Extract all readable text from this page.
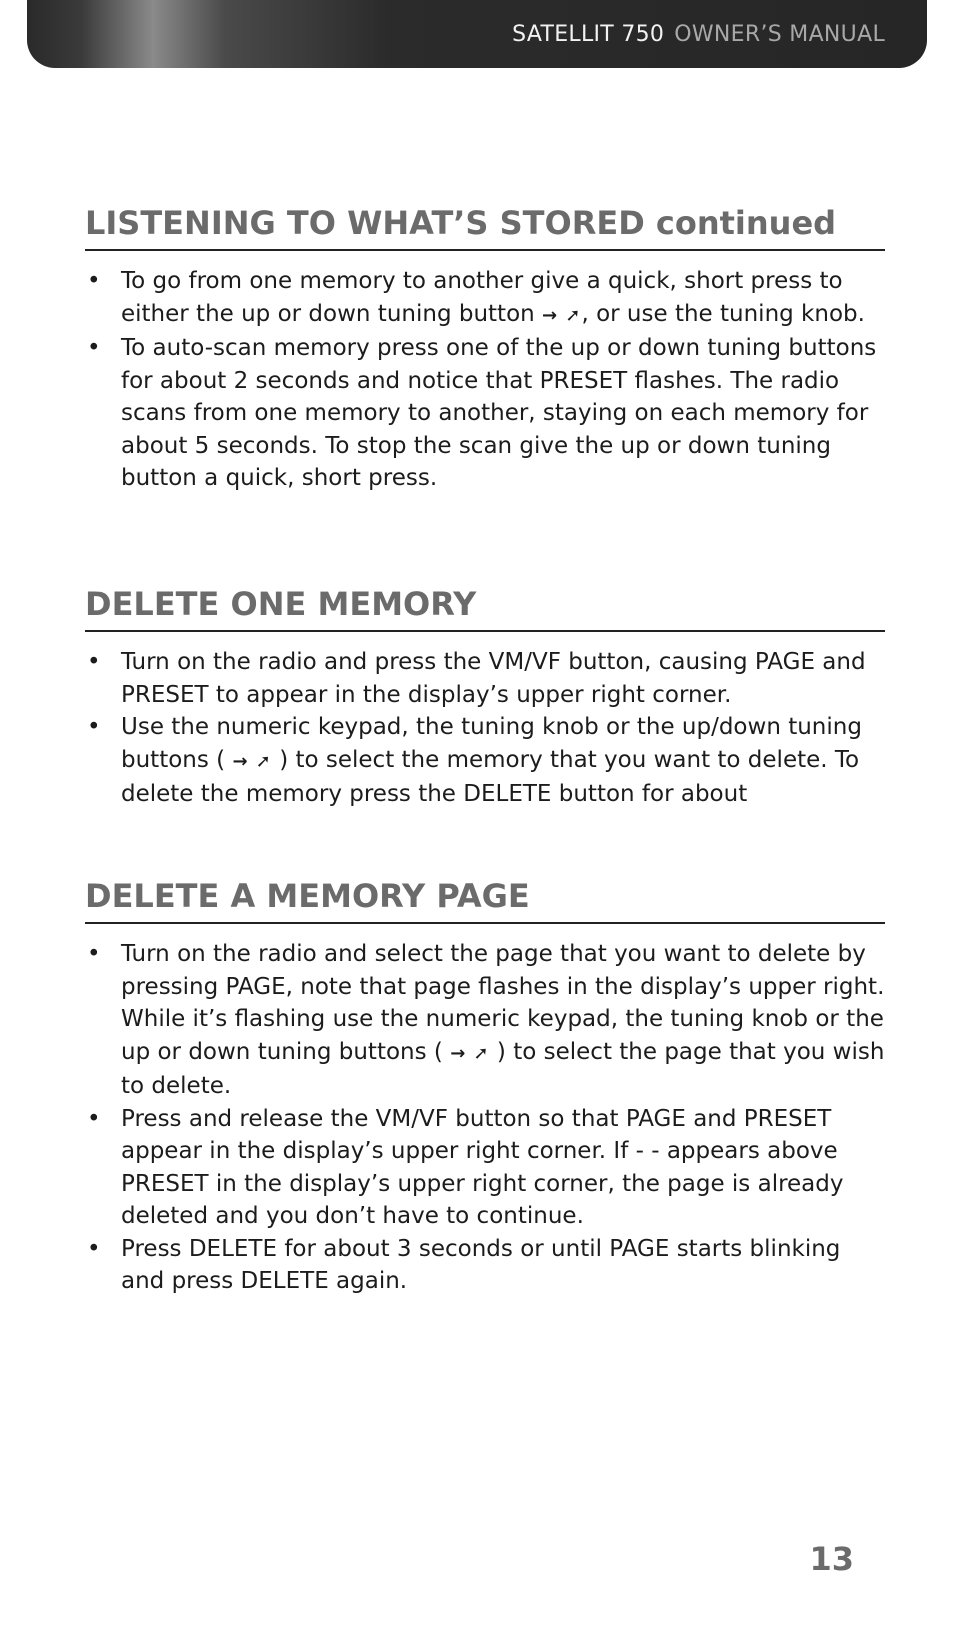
SATELLIT 750 OWNER’S MANUAL
LISTENING TO WHAT’S STORED continued
• To go from one memory to another give a quick, short press to either the up or down tuning button → ➚, or use the tuning knob.
• To auto-scan memory press one of the up or down tuning buttons for about 2 seconds and notice that PRESET flashes. The radio scans from one memory to another, staying on each memory for about 5 seconds. To stop the scan give the up or down tuning button a quick, short press.
DELETE ONE MEMORY
• Turn on the radio and press the VM/VF button, causing PAGE and PRESET to appear in the display’s upper right corner.
• Use the numeric keypad, the tuning knob or the up/down tuning buttons ( → ➚ ) to select the memory that you want to delete. To delete the memory press the DELETE button for about
DELETE A MEMORY PAGE
• Turn on the radio and select the page that you want to delete by pressing PAGE, note that page flashes in the display’s upper right. While it’s flashing use the numeric keypad, the tuning knob or the up or down tuning buttons ( → ➚ ) to select the page that you wish to delete.
• Press and release the VM/VF button so that PAGE and PRESET appear in the display’s upper right corner. If - - appears above PRESET in the display’s upper right corner, the page is already deleted and you don’t have to continue.
• Press DELETE for about 3 seconds or until PAGE starts blinking and press DELETE again.
13
